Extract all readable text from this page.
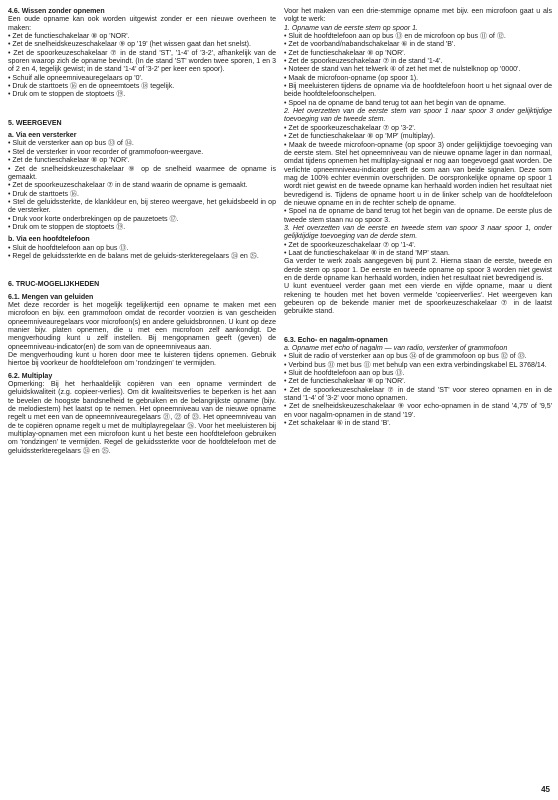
4.6. Wissen zonder opnemen
Een oude opname kan ook worden uitgewist zonder er een nieuwe overheen te maken:
• Zet de functieschakelaar ⑧ op 'NOR'.
• Zet de snelheidskeuzeschakelaar ⑨ op '19' (het wissen gaat dan het snelst).
• Zet de spoorkeuzeschakelaar ⑦ in de stand 'ST', '1-4' of '3-2', afhankelijk van de sporen waarop zich de opname bevindt. (In de stand 'ST' worden twee sporen, 1 en 3 of 2 en 4, tegelijk gewist; in de stand '1-4' of '3-2' per keer een spoor).
• Schuif alle opneemniveauregelaars op '0'.
• Druk de starttoets ⑯ en de opneemtoets ⑱ tegelijk.
• Druk om te stoppen de stoptoets ⑲.
5. WEERGEVEN
a. Via een versterker
• Sluit de versterker aan op bus ㉝ of ㉞.
• Stel de versterker in voor recorder of grammofoon-weergave.
• Zet de functieschakelaar ⑧ op 'NOR'.
• Zet de snelheidskeuzeschakelaar ⑨ op de snelheid waarmee de opname is gemaakt.
• Zet de spoorkeuzeschakelaar ⑦ in de stand waarin de opname is gemaakt.
• Druk de starttoets ⑯.
• Stel de geluidssterkte, de klankkleur en, bij stereo weergave, het geluidsbeeld in op de versterker.
• Druk voor korte onderbrekingen op de pauzetoets ⑰.
• Druk om te stoppen de stoptoets ⑲.
b. Via een hoofdtelefoon
• Sluit de hoofdtelefoon aan op bus ⑬.
• Regel de geluidssterkte en de balans met de geluids-sterkteregelaars ㉔ en ㉕.
6. TRUC-MOGELIJKHEDEN
6.1. Mengen van geluiden
Met deze recorder is het mogelijk tegelijkertijd een opname te maken met een microfoon en bijv. een grammofoon omdat de recorder voorzien is van gescheiden opneemniveauregelaars voor microfoon(s) en andere geluidsbronnen. U kunt op deze manier bijv. platen opnemen, die u met een microfoon zelf aankondigt. De mengverhouding kunt u zelf instellen. Bij mengopnamen geeft (geven) de opneemniveau-indicator(en) de som van de opneemniveaus aan.
De mengverhouding kunt u horen door mee te luisteren tijdens opnemen. Gebruik hiertoe bij voorkeur de hoofdtelefoon om 'rondzingen' te vermijden.
6.2. Multiplay
Opmerking: Bij het herhaaldelijk copiëren van een opname vermindert de geluidskwaliteit (z.g. copieer-verlies). Om dit kwaliteitsverlies te beperken is het aan te bevelen de hoogste bandsnelheid te gebruiken en de belangrijkste opname (bijv. de melodiestem) het laatst op te nemen. Het opneemniveau van de nieuwe opname regelt u met een van de opneemniveauregelaars ㉑, ㉒ of ㉓. Het opneemniveau van de te copiëren opname regelt u met de multiplayregelaar ㉖. Voor het meeluisteren bij multiplay-opnamen met een microfoon kunt u het beste een hoofdtelefoon gebruiken om 'rondzingen' te vermijden. Regel de geluidssterkte voor de hoofdtelefoon met de geluidssterkteregelaars ㉔ en ㉕.
Voor het maken van een drie-stemmige opname met bijv. een microfoon gaat u als volgt te werk:
1. Opname van de eerste stem op spoor 1.
• Sluit de hoofdtelefoon aan op bus ⑬ en de microfoon op bus ⑪ of ⑫.
• Zet de voorband/nabandschakelaar ⑥ in de stand 'B'.
• Zet de functieschakelaar ⑧ op 'NOR'.
• Zet de spoorkeuzeschakelaar ⑦ in de stand '1-4'.
• Noteer de stand van het telwerk ④ of zet het met de nulstelknop op '0000'.
• Maak de microfoon-opname (op spoor 1).
• Bij meeluisteren tijdens de opname via de hoofdtelefoon hoort u het signaal over de beide hoofdtelefoonschelpen.
• Spoel na de opname de band terug tot aan het begin van de opname.
2. Het overzetten van de eerste stem van spoor 1 naar spoor 3 onder gelijktijdige toevoeging van de tweede stem.
• Zet de spoorkeuzeschakelaar ⑦ op '3-2'.
• Zet de functieschakelaar ⑧ op 'MP' (multiplay).
• Maak de tweede microfoon-opname (op spoor 3) onder gelijktijdige toevoeging van de eerste stem. Stel het opneemniveau van de nieuwe opname lager in dan normaal, omdat tijdens opnemen het multiplay-signaal er nog aan toegevoegd gaat worden. De verlichte opneemniveau-indicator geeft de som aan van beide signalen. Deze som mag de 100% echter evenmin overschrijden. De oorspronkelijke opname op spoor 1 wordt niet gewist en de tweede opname kan herhaald worden indien het resultaat niet bevredigend is. Tijdens de opname hoort u in de linker schelp van de hoofdtelefoon de nieuwe opname en in de rechter schelp de opname.
• Spoel na de opname de band terug tot het begin van de opname. De eerste plus de tweede stem staan nu op spoor 3.
3. Het overzetten van de eerste en tweede stem van spoor 3 naar spoor 1, onder gelijktijdige toevoeging van de derde stem.
• Zet de spoorkeuzeschakelaar ⑦ op '1-4'.
• Laat de functieschakelaar ⑧ in de stand 'MP' staan.
Ga verder te werk zoals aangegeven bij punt 2. Hierna staan de eerste, tweede en derde stem op spoor 1. De eerste en tweede opname op spoor 3 worden niet gewist en de derde opname kan herhaald worden, indien het resultaat niet bevredigend is.
U kunt eventueel verder gaan met een vierde en vijfde opname, maar u dient rekening te houden met het boven vermelde 'copieerverlies'. Het weergeven kan gebeuren op de bekende manier met de spoorkeuzeschakelaar ⑦ in de laatst gebruikte stand.
6.3. Echo- en nagalm-opnamen
a. Opname met echo of nagalm — van radio, versterker of grammofoon
• Sluit de radio of versterker aan op bus ㉞ of de grammofoon op bus ㉜ of ㉝.
• Verbind bus ㉛ met bus ⑪ met behulp van een extra verbindingskabel EL 3768/14.
• Sluit de hoofdtelefoon aan op bus ⑬.
• Zet de functieschakelaar ⑧ op 'NOR'.
• Zet de spoorkeuzeschakelaar ⑦ in de stand 'ST' voor stereo opnamen en in de stand '1-4' of '3-2' voor mono opnamen.
• Zet de snelheidskeuzeschakelaar ⑨ voor echo-opnamen in de stand '4,75' of '9,5' en voor nagalm-opnamen in de stand '19'.
• Zet schakelaar ⑥ in de stand 'B'.
45
